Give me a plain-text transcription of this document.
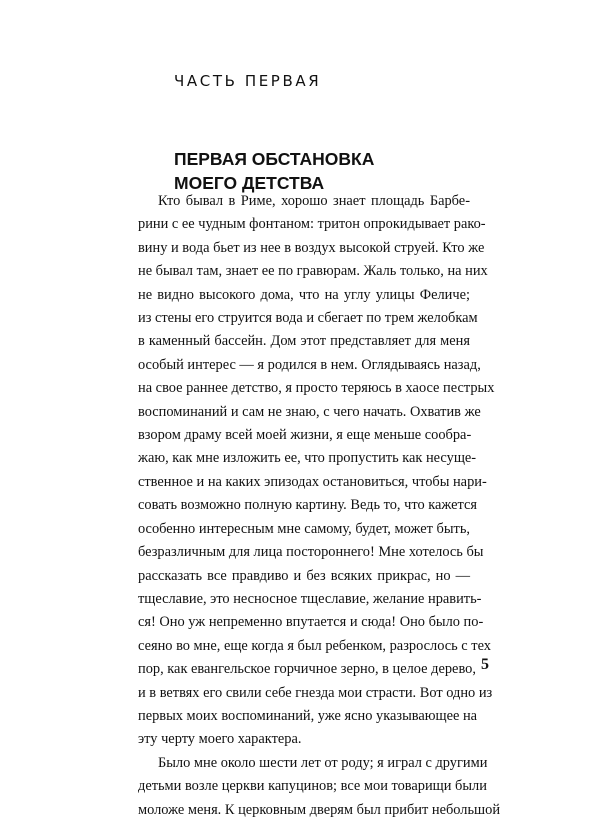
ЧАСТЬ ПЕРВАЯ
ПЕРВАЯ ОБСТАНОВКА
МОЕГО ДЕТСТВА
Кто бывал в Риме, хорошо знает площадь Барбе-
рини с ее чудным фонтаном: тритон опрокидывает рако-
вину и вода бьет из нее в воздух высокой струей. Кто же
не бывал там, знает ее по гравюрам. Жаль только, на них
не видно высокого дома, что на углу улицы Феличе;
из стены его струится вода и сбегает по трем желобкам
в каменный бассейн. Дом этот представляет для меня
особый интерес — я родился в нем. Оглядываясь назад,
на свое раннее детство, я просто теряюсь в хаосе пестрых
воспоминаний и сам не знаю, с чего начать. Охватив же
взором драму всей моей жизни, я еще меньше сообра-
жаю, как мне изложить ее, что пропустить как несуще-
ственное и на каких эпизодах остановиться, чтобы нари-
совать возможно полную картину. Ведь то, что кажется
особенно интересным мне самому, будет, может быть,
безразличным для лица постороннего! Мне хотелось бы
рассказать все правдиво и без всяких прикрас, но —
тщеславие, это несносное тщеславие, желание нравить-
ся! Оно уж непременно впутается и сюда! Оно было по-
сеяно во мне, еще когда я был ребенком, разрослось с тех
пор, как евангельское горчичное зерно, в целое дерево,
и в ветвях его свили себе гнезда мои страсти. Вот одно из
первых моих воспоминаний, уже ясно указывающее на
эту черту моего характера.
Было мне около шести лет от роду; я играл с другими
детьми возле церкви капуцинов; все мои товарищи были
моложе меня. К церковным дверям был прибит небольшой
5
